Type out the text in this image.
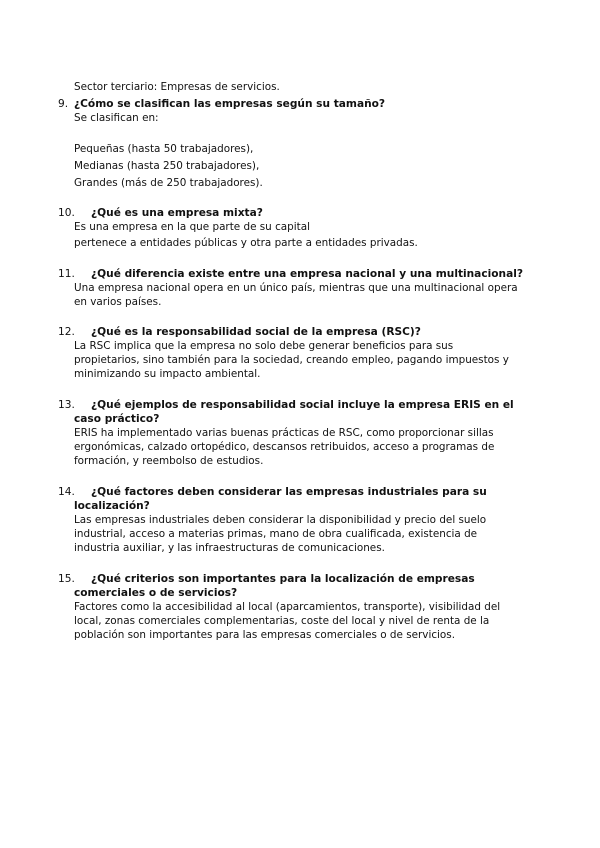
Sector terciario: Empresas de servicios.
9. ¿Cómo se clasifican las empresas según su tamaño?
Se clasifican en:
Pequeñas (hasta 50 trabajadores),
Medianas (hasta 250 trabajadores),
Grandes (más de 250 trabajadores).
10. ¿Qué es una empresa mixta?
Es una empresa en la que parte de su capital
pertenece a entidades públicas y otra parte a entidades privadas.
11. ¿Qué diferencia existe entre una empresa nacional y una multinacional?
Una empresa nacional opera en un único país, mientras que una multinacional opera
en varios países.
12. ¿Qué es la responsabilidad social de la empresa (RSC)?
La RSC implica que la empresa no solo debe generar beneficios para sus
propietarios, sino también para la sociedad, creando empleo, pagando impuestos y
minimizando su impacto ambiental.
13. ¿Qué ejemplos de responsabilidad social incluye la empresa ERIS en el
caso práctico?
ERIS ha implementado varias buenas prácticas de RSC, como proporcionar sillas
ergonómicas, calzado ortopédico, descansos retribuidos, acceso a programas de
formación, y reembolso de estudios.
14. ¿Qué factores deben considerar las empresas industriales para su
localización?
Las empresas industriales deben considerar la disponibilidad y precio del suelo
industrial, acceso a materias primas, mano de obra cualificada, existencia de
industria auxiliar, y las infraestructuras de comunicaciones.
15. ¿Qué criterios son importantes para la localización de empresas
comerciales o de servicios?
Factores como la accesibilidad al local (aparcamientos, transporte), visibilidad del
local, zonas comerciales complementarias, coste del local y nivel de renta de la
población son importantes para las empresas comerciales o de servicios.
